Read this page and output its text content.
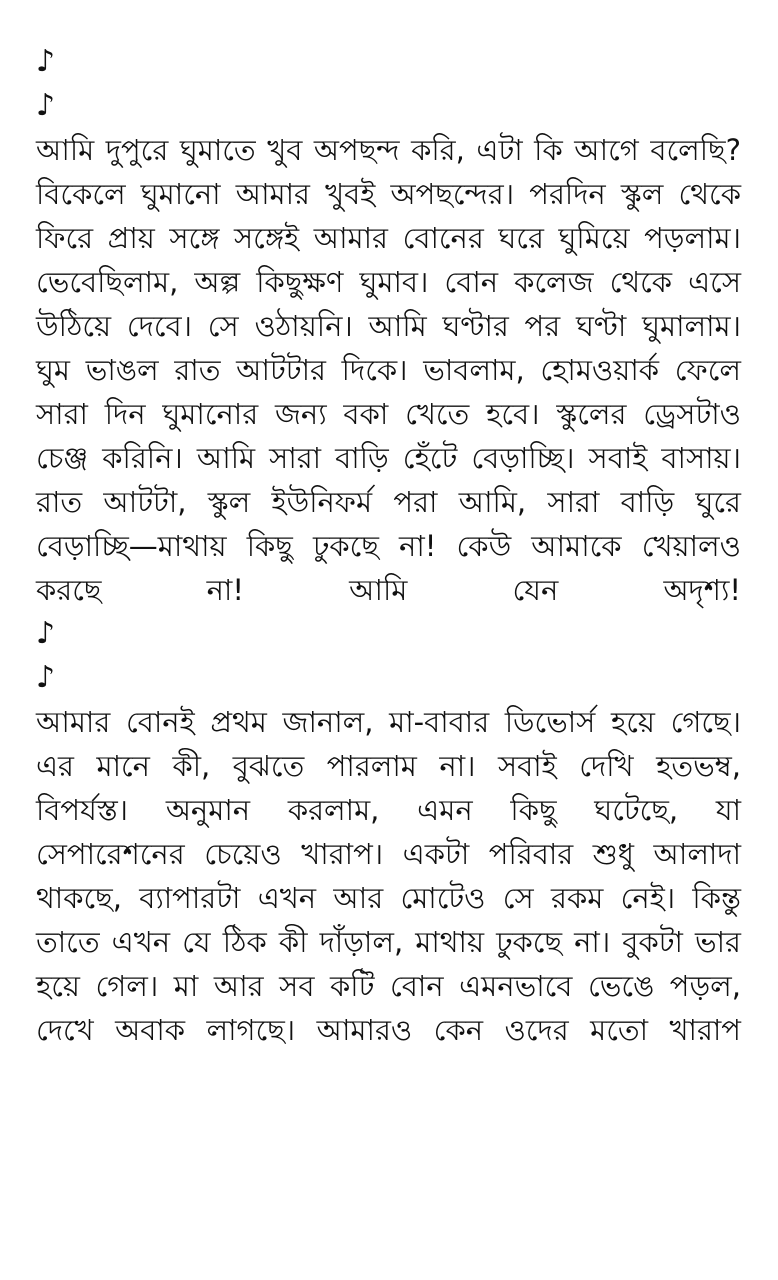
♪
♪

আমি দুপুরে ঘুমাতে খুব অপছন্দ করি, এটা কি আগে বলেছি? বিকেলে ঘুমানো আমার খুবই অপছন্দের। পরদিন স্কুল থেকে ফিরে প্রায় সঙ্গে সঙ্গেই আমার বোনের ঘরে ঘুমিয়ে পড়লাম। ভেবেছিলাম, অল্প কিছুক্ষণ ঘুমাব। বোন কলেজ থেকে এসে উঠিয়ে দেবে। সে ওঠায়নি। আমি ঘণ্টার পর ঘণ্টা ঘুমালাম। ঘুম ভাঙল রাত আটটার দিকে। ভাবলাম, হোমওয়ার্ক ফেলে সারা দিন ঘুমানোর জন্য বকা খেতে হবে। স্কুলের ড্রেসটাও চেঞ্জ করিনি। আমি সারা বাড়ি হেঁটে বেড়াচ্ছি। সবাই বাসায়। রাত আটটা, স্কুল ইউনিফর্ম পরা আমি, সারা বাড়ি ঘুরে বেড়াচ্ছি—মাথায় কিছু ঢুকছে না! কেউ আমাকে খেয়ালও করছে না! আমি যেন অদৃশ্য!

♪
♪

আমার বোনই প্রথম জানাল, মা-বাবার ডিভোর্স হয়ে গেছে। এর মানে কী, বুঝতে পারলাম না। সবাই দেখি হতভম্ব, বিপর্যস্ত। অনুমান করলাম, এমন কিছু ঘটেছে, যা সেপারেশনের চেয়েও খারাপ। একটা পরিবার শুধু আলাদা থাকছে, ব্যাপারটা এখন আর মোটেও সে রকম নেই। কিন্তু তাতে এখন যে ঠিক কী দাঁড়াল, মাথায় ঢুকছে না। বুকটা ভার হয়ে গেল। মা আর সব কটি বোন এমনভাবে ভেঙে পড়ল, দেখে অবাক লাগছে। আমারও কেন ওদের মতো খারাপ
